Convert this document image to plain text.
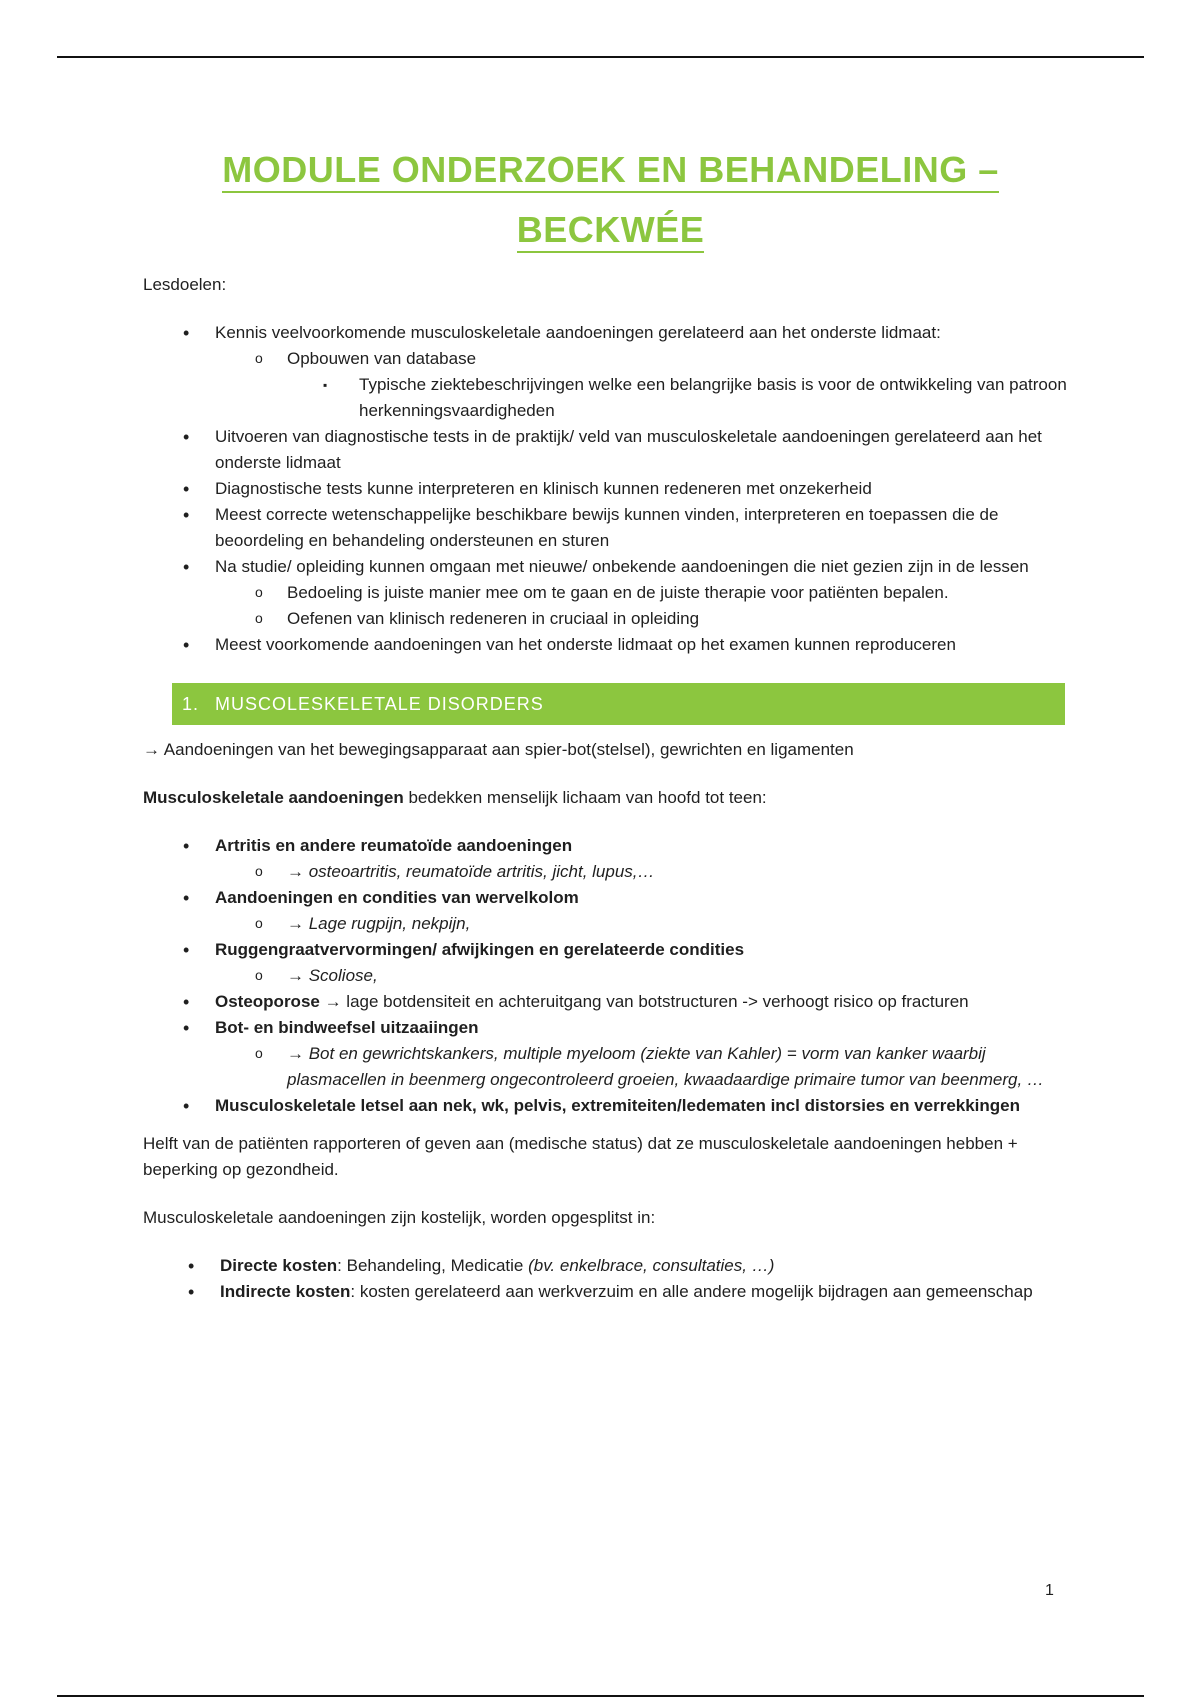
MODULE ONDERZOEK EN BEHANDELING – BECKWÉE

Lesdoelen:

• Kennis veelvoorkomende musculoskeletale aandoeningen gerelateerd aan het onderste lidmaat:
o Opbouwen van database
▪ Typische ziektebeschrijvingen welke een belangrijke basis is voor de ontwikkeling van patroon herkenningsvaardigheden
• Uitvoeren van diagnostische tests in de praktijk/ veld van musculoskeletale aandoeningen gerelateerd aan het onderste lidmaat
• Diagnostische tests kunne interpreteren en klinisch kunnen redeneren met onzekerheid
• Meest correcte wetenschappelijke beschikbare bewijs kunnen vinden, interpreteren en toepassen die de beoordeling en behandeling ondersteunen en sturen
• Na studie/ opleiding kunnen omgaan met nieuwe/ onbekende aandoeningen die niet gezien zijn in de lessen
o Bedoeling is juiste manier mee om te gaan en de juiste therapie voor patiënten bepalen.
o Oefenen van klinisch redeneren in cruciaal in opleiding
• Meest voorkomende aandoeningen van het onderste lidmaat op het examen kunnen reproduceren
1. MUSCOLESKELETALE DISORDERS

→ Aandoeningen van het bewegingsapparaat aan spier-bot(stelsel), gewrichten en ligamenten

Musculoskeletale aandoeningen bedekken menselijk lichaam van hoofd tot teen:

• Artritis en andere reumatoïde aandoeningen
o → osteoartritis, reumatoïde artritis, jicht, lupus,…
• Aandoeningen en condities van wervelkolom
o → Lage rugpijn, nekpijn,
• Ruggengraatvervormingen/ afwijkingen en gerelateerde condities
o → Scoliose,
• Osteoporose → lage botdensiteit en achteruitgang van botstructuren -> verhoogt risico op fracturen
• Bot- en bindweefsel uitzaaiingen
o → Bot en gewrichtskankers, multiple myeloom (ziekte van Kahler) = vorm van kanker waarbij plasmacellen in beenmerg ongecontroleerd groeien, kwaadaardige primaire tumor van beenmerg, …
• Musculoskeletale letsel aan nek, wk, pelvis, extremiteiten/ledematen incl distorsies en verrekkingen

Helft van de patiënten rapporteren of geven aan (medische status) dat ze musculoskeletale aandoeningen hebben + beperking op gezondheid.

Musculoskeletale aandoeningen zijn kostelijk, worden opgesplitst in:

• Directe kosten: Behandeling, Medicatie (bv. enkelbrace, consultaties, …)
• Indirecte kosten: kosten gerelateerd aan werkverzuim en alle andere mogelijk bijdragen aan gemeenschap
1
